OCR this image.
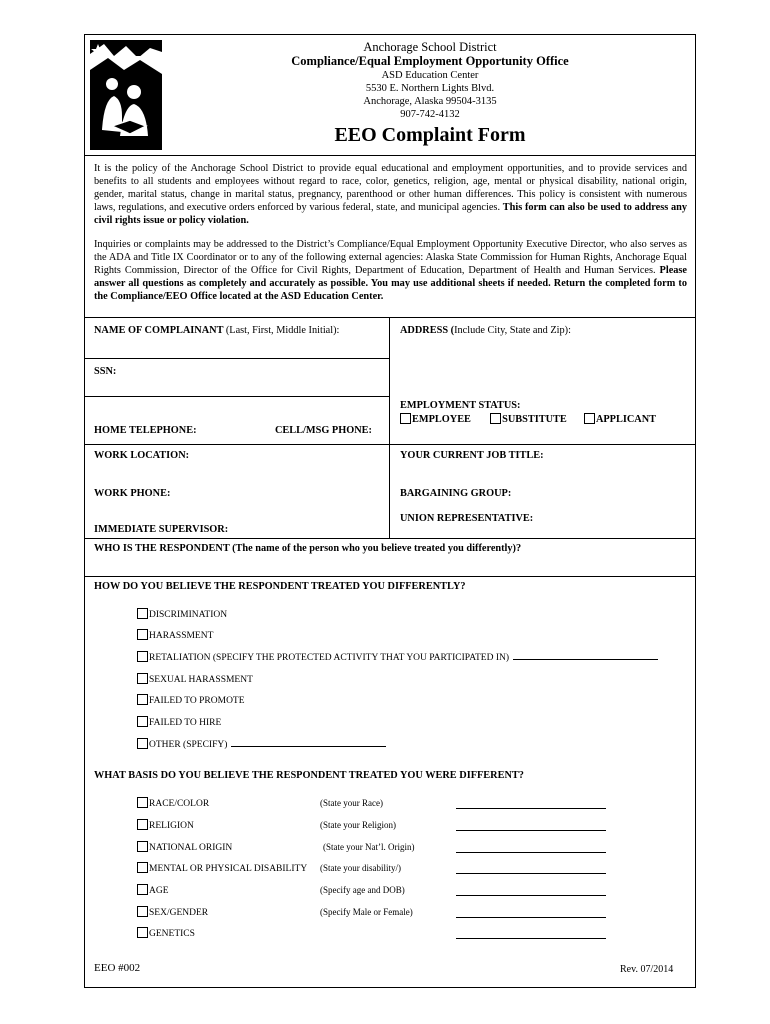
Anchorage School District
Compliance/Equal Employment Opportunity Office
ASD Education Center
5530 E. Northern Lights Blvd.
Anchorage, Alaska 99504-3135
907-742-4132
EEO Complaint Form
It is the policy of the Anchorage School District to provide equal educational and employment opportunities, and to provide services and benefits to all students and employees without regard to race, color, genetics, religion, age, mental or physical disability, national origin, gender, marital status, change in marital status, pregnancy, parenthood or other human differences. This policy is consistent with numerous laws, regulations, and executive orders enforced by various federal, state, and municipal agencies. This form can also be used to address any civil rights issue or policy violation.
Inquiries or complaints may be addressed to the District’s Compliance/Equal Employment Opportunity Executive Director, who also serves as the ADA and Title IX Coordinator or to any of the following external agencies: Alaska State Commission for Human Rights, Anchorage Equal Rights Commission, Director of the Office for Civil Rights, Department of Education, Department of Health and Human Services. Please answer all questions as completely and accurately as possible. You may use additional sheets if needed. Return the completed form to the Compliance/EEO Office located at the ASD Education Center.
NAME OF COMPLAINANT (Last, First, Middle Initial):	ADDRESS (Include City, State and Zip):
SSN:
EMPLOYMENT STATUS:
EMPLOYEE	SUBSTITUTE	APPLICANT
HOME TELEPHONE:	CELL/MSG PHONE:
WORK LOCATION:	YOUR CURRENT JOB TITLE:
WORK PHONE:	BARGAINING GROUP:
UNION REPRESENTATIVE:
IMMEDIATE SUPERVISOR:
WHO IS THE RESPONDENT (The name of the person who you believe treated you differently)?
HOW DO YOU BELIEVE THE RESPONDENT TREATED YOU DIFFERENTLY?
DISCRIMINATION
HARASSMENT
RETALIATION (SPECIFY THE PROTECTED ACTIVITY THAT YOU PARTICIPATED IN)
SEXUAL HARASSMENT
FAILED TO PROMOTE
FAILED TO HIRE
OTHER (SPECIFY)
WHAT BASIS DO YOU BELIEVE THE RESPONDENT TREATED YOU WERE DIFFERENT?
RACE/COLOR	(State your Race)
RELIGION	(State your Religion)
NATIONAL ORIGIN	(State your Nat’l. Origin)
MENTAL OR PHYSICAL DISABILITY (State your disability/)
AGE	(Specify age and DOB)
SEX/GENDER	(Specify Male or Female)
GENETICS
EEO #002	Rev. 07/2014
